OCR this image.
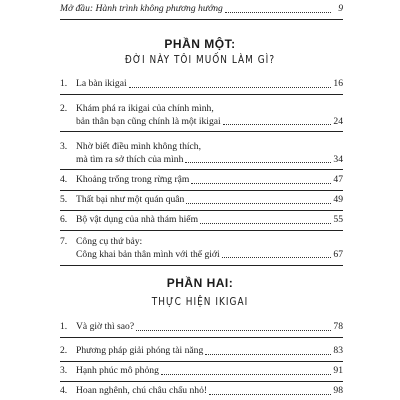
Mở đầu: Hành trình không phương hướng	9
PHẦN MỘT:
ĐỜI NÀY TÔI MUỐN LÀM GÌ?
1. La bàn ikigai	16
2. Khám phá ra ikigai của chính mình,
bản thân bạn cũng chính là một ikigai	24
3. Nhờ biết điều mình không thích,
mà tìm ra sở thích của mình	34
4. Khoảng trống trong rừng rậm	47
5. Thất bại như một quán quân	49
6. Bộ vật dụng của nhà thám hiểm	55
7. Công cụ thứ bảy:
Công khai bản thân mình với thế giới	67
PHẦN HAI:
THỰC HIỆN IKIGAI
1. Và giờ thì sao?	78
2. Phương pháp giải phóng tài năng	83
3. Hạnh phúc mô phỏng	91
4. Hoan nghênh, chú châu chấu nhỏ!	98
